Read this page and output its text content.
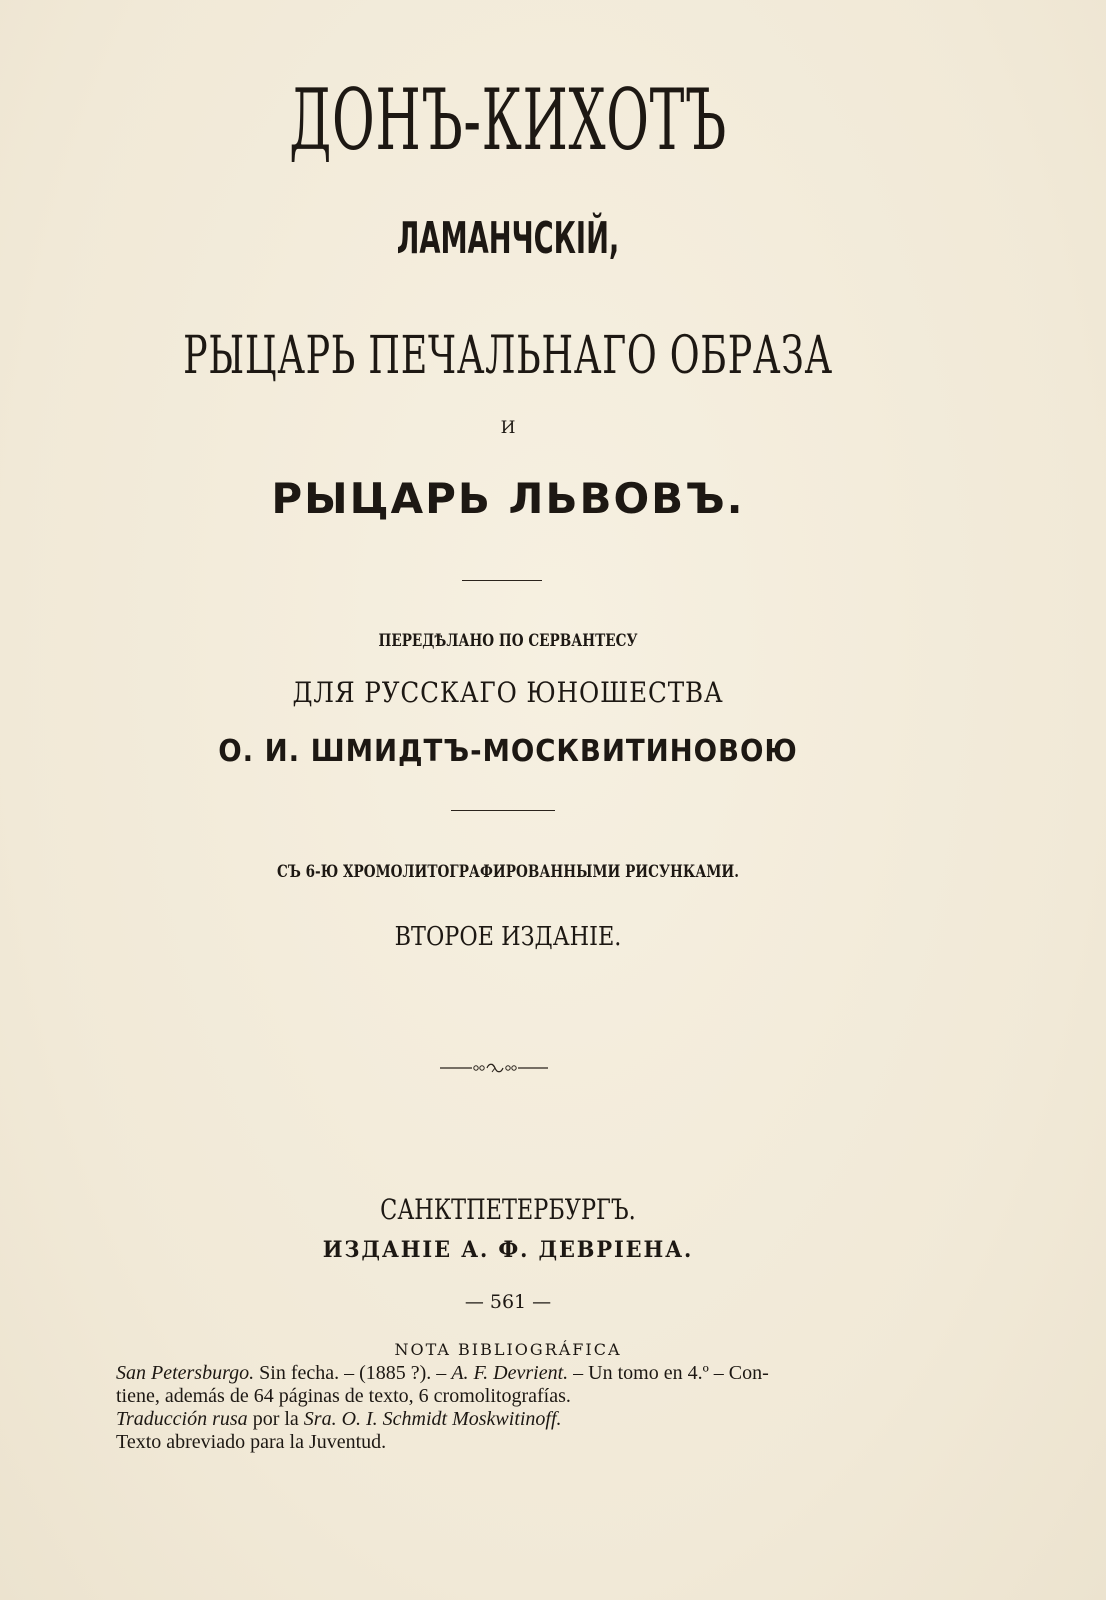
ДОНЪ-КИХОТЪ
ЛАМАНЧСКІЙ,
РЫЦАРЬ ПЕЧАЛЬНАГО ОБРАЗА
И
РЫЦАРЬ ЛЬВОВЪ.
ПЕРЕДѢЛАНО ПО СЕРВАНТЕСУ
ДЛЯ РУССКАГО ЮНОШЕСТВА
О. И. ШМИДТЪ-МОСКВИТИНОВОЮ
СЪ 6-Ю ХРОМОЛИТОГРАФИРОВАННЫМИ РИСУНКАМИ.
ВТОРОЕ ИЗДАНІЕ.
САНКТПЕТЕРБУРГЪ.
ИЗДАНІЕ А. Ф. ДЕВРІЕНА.
— 561 —
NOTA BIBLIOGRÁFICA
San Petersburgo. Sin fecha. – (1885 ?). – A. F. Devrient. – Un tomo en 4.º – Con-
tiene, además de 64 páginas de texto, 6 cromolitografías.
Traducción rusa por la Sra. O. I. Schmidt Moskwitinoff.
Texto abreviado para la Juventud.
